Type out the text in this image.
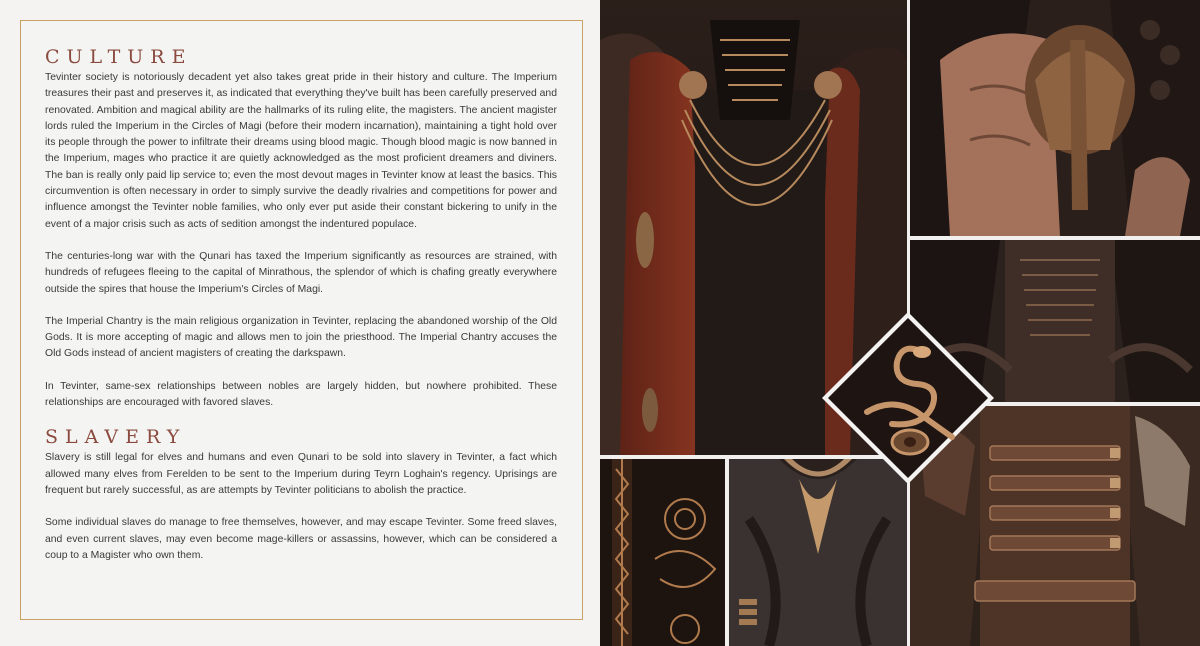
CULTURE

Tevinter society is notoriously decadent yet also takes great pride in their history and culture. The Imperium treasures their past and preserves it, as indicated that everything they've built has been carefully preserved and renovated. Ambition and magical ability are the hallmarks of its ruling elite, the magisters. The ancient magister lords ruled the Imperium in the Circles of Magi (before their modern incarnation), maintaining a tight hold over its people through the power to infiltrate their dreams using blood magic. Though blood magic is now banned in the Imperium, mages who practice it are quietly acknowledged as the most proficient dreamers and diviners. The ban is really only paid lip service to; even the most devout mages in Tevinter know at least the basics. This circumvention is often necessary in order to simply survive the deadly rivalries and competitions for power and influence amongst the Tevinter noble families, who only ever put aside their constant bickering to unify in the event of a major crisis such as acts of sedition amongst the indentured populace.

The centuries-long war with the Qunari has taxed the Imperium significantly as resources are strained, with hundreds of refugees fleeing to the capital of Minrathous, the splendor of which is chafing greatly everywhere outside the spires that house the Imperium's Circles of Magi.

The Imperial Chantry is the main religious organization in Tevinter, replacing the abandoned worship of the Old Gods. It is more accepting of magic and allows men to join the priesthood. The Imperial Chantry accuses the Old Gods instead of ancient magisters of creating the darkspawn.

In Tevinter, same-sex relationships between nobles are largely hidden, but nowhere prohibited. These relationships are encouraged with favored slaves.

SLAVERY

Slavery is still legal for elves and humans and even Qunari to be sold into slavery in Tevinter, a fact which allowed many elves from Ferelden to be sent to the Imperium during Teyrn Loghain's regency. Uprisings are frequent but rarely successful, as are attempts by Tevinter politicians to abolish the practice.

Some individual slaves do manage to free themselves, however, and may escape Tevinter. Some freed slaves, and even current slaves, may even become mage-killers or assassins, however, which can be considered a coup to a Magister who own them.
